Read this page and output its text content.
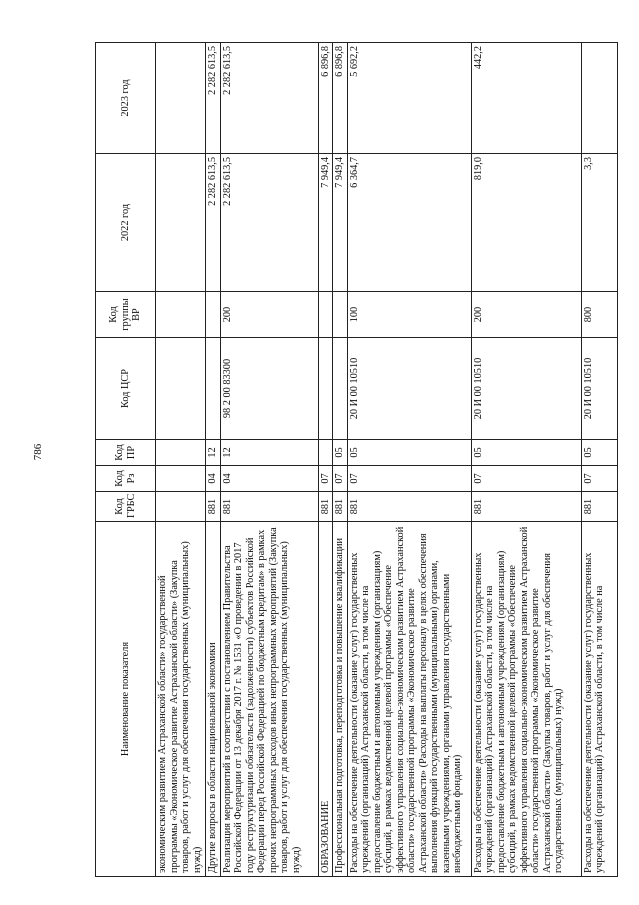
786
Наименование показателя	Код ГРБС	Код Рз	Код ПР	Код ЦСР	Код группы ВР	2022 год	2023 год
экономическим развитием Астраханской области» государственной программы «Экономическое развитие Астраханской области» (Закупка товаров, работ и услуг для обеспечения государственных (муниципальных) нужд)							
Другие вопросы в области национальной экономики	881	04	12			2 282 613,5	2 282 613,5
Реализация мероприятий в соответствии с постановлением Правительства Российской Федерации от 13 декабря 2017 г. № 1531 «О проведении в 2017 году реструктуризации обязательств (задолженности) субъектов Российской Федерации перед Российской Федерацией по бюджетным кредитам» в рамках прочих непрограммных расходов иных непрограммных мероприятий (Закупка товаров, работ и услуг для обеспечения государственных (муниципальных) нужд)	881	04	12	98 2 00 83300	200	2 282 613,5	2 282 613,5
ОБРАЗОВАНИЕ	881	07				7 949,4	6 896,8
Профессиональная подготовка, переподготовка и повышение квалификации	881	07	05			7 949,4	6 896,8
Расходы на обеспечение деятельности (оказание услуг) государственных учреждений (организаций) Астраханской области, в том числе на предоставление бюджетным и автономным учреждениям (организациям) субсидий, в рамках ведомственной целевой программы «Обеспечение эффективного управления социально-экономическим развитием Астраханской области» государственной программы «Экономическое развитие Астраханской области» (Расходы на выплаты персоналу в целях обеспечения выполнения функций государственными (муниципальными) органами, казенными учреждениями, органами управления государственными внебюджетными фондами)	881	07	05	20 И 00 10510	100	6 364,7	5 692,2
Расходы на обеспечение деятельности (оказание услуг) государственных учреждений (организаций) Астраханской области, в том числе на предоставление бюджетным и автономным учреждениям (организациям) субсидий, в рамках ведомственной целевой программы «Обеспечение эффективного управления социально-экономическим развитием Астраханской области» государственной программы «Экономическое развитие Астраханской области» (Закупка товаров, работ и услуг для обеспечения государственных (муниципальных) нужд)	881	07	05	20 И 00 10510	200	819,0	442,2
Расходы на обеспечение деятельности (оказание услуг) государственных учреждений (организаций) Астраханской области, в том числе на	881	07	05	20 И 00 10510	800	3,3	
